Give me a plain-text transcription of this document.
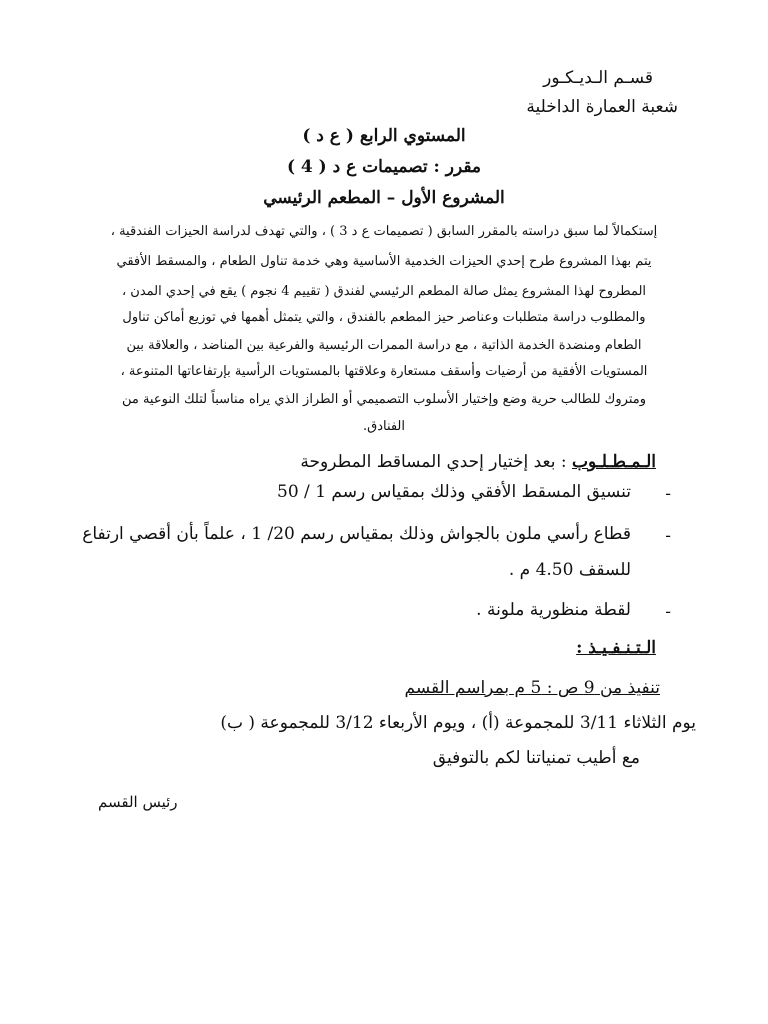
قسـم الـديـكـور
شعبة العمارة الداخلية
المستوي الرابع ( ع د )
مقرر : تصميمات ع د ( 4 )
المشروع الأول – المطعم الرئيسي
إستكمالاً لما سبق دراسته بالمقرر السابق ( تصميمات ع د 3 ) ، والتي تهدف لدراسة الحيزات الفندقية ،
يتم بهذا المشروع طرح إحدي الحيزات الخدمية الأساسية وهي خدمة تناول الطعام ، والمسقط الأفقي
المطروح لهذا المشروع يمثل صالة المطعم الرئيسي لفندق ( تقييم 4 نجوم ) يقع في إحدي المدن ،
والمطلوب دراسة متطلبات وعناصر حيز المطعم بالفندق ، والتي يتمثل أهمها في توزيع أماكن تناول
الطعام ومنضدة الخدمة الذاتية ، مع دراسة الممرات الرئيسية والفرعية بين المناضد ، والعلاقة بين
المستويات الأفقية من أرضيات وأسقف مستعارة وعلاقتها بالمستويات الرأسية بإرتفاعاتها المتنوعة ،
ومتروك للطالب حرية وضع وإختيار الأسلوب التصميمي أو الطراز الذي يراه مناسباً لتلك النوعية من
الفنادق.
الـمـطـلـوب : بعد إختيار إحدي المساقط المطروحة
-
تنسيق المسقط الأفقي وذلك بمقياس رسم 1 / 50
-
قطاع رأسي ملون بالجواش وذلك بمقياس رسم 20/ 1 ، علماً بأن أقصي ارتفاع
للسقف 4.50 م .
-
لقطة منظورية ملونة .
الـتـنـفـيـذ :
تنفيذ من 9 ص : 5 م بمراسم القسم
يوم الثلاثاء 3/11 للمجموعة (أ) ، ويوم الأربعاء 3/12 للمجموعة ( ب)
مع أطيب تمنياتنا لكم بالتوفيق
رئيس القسم
